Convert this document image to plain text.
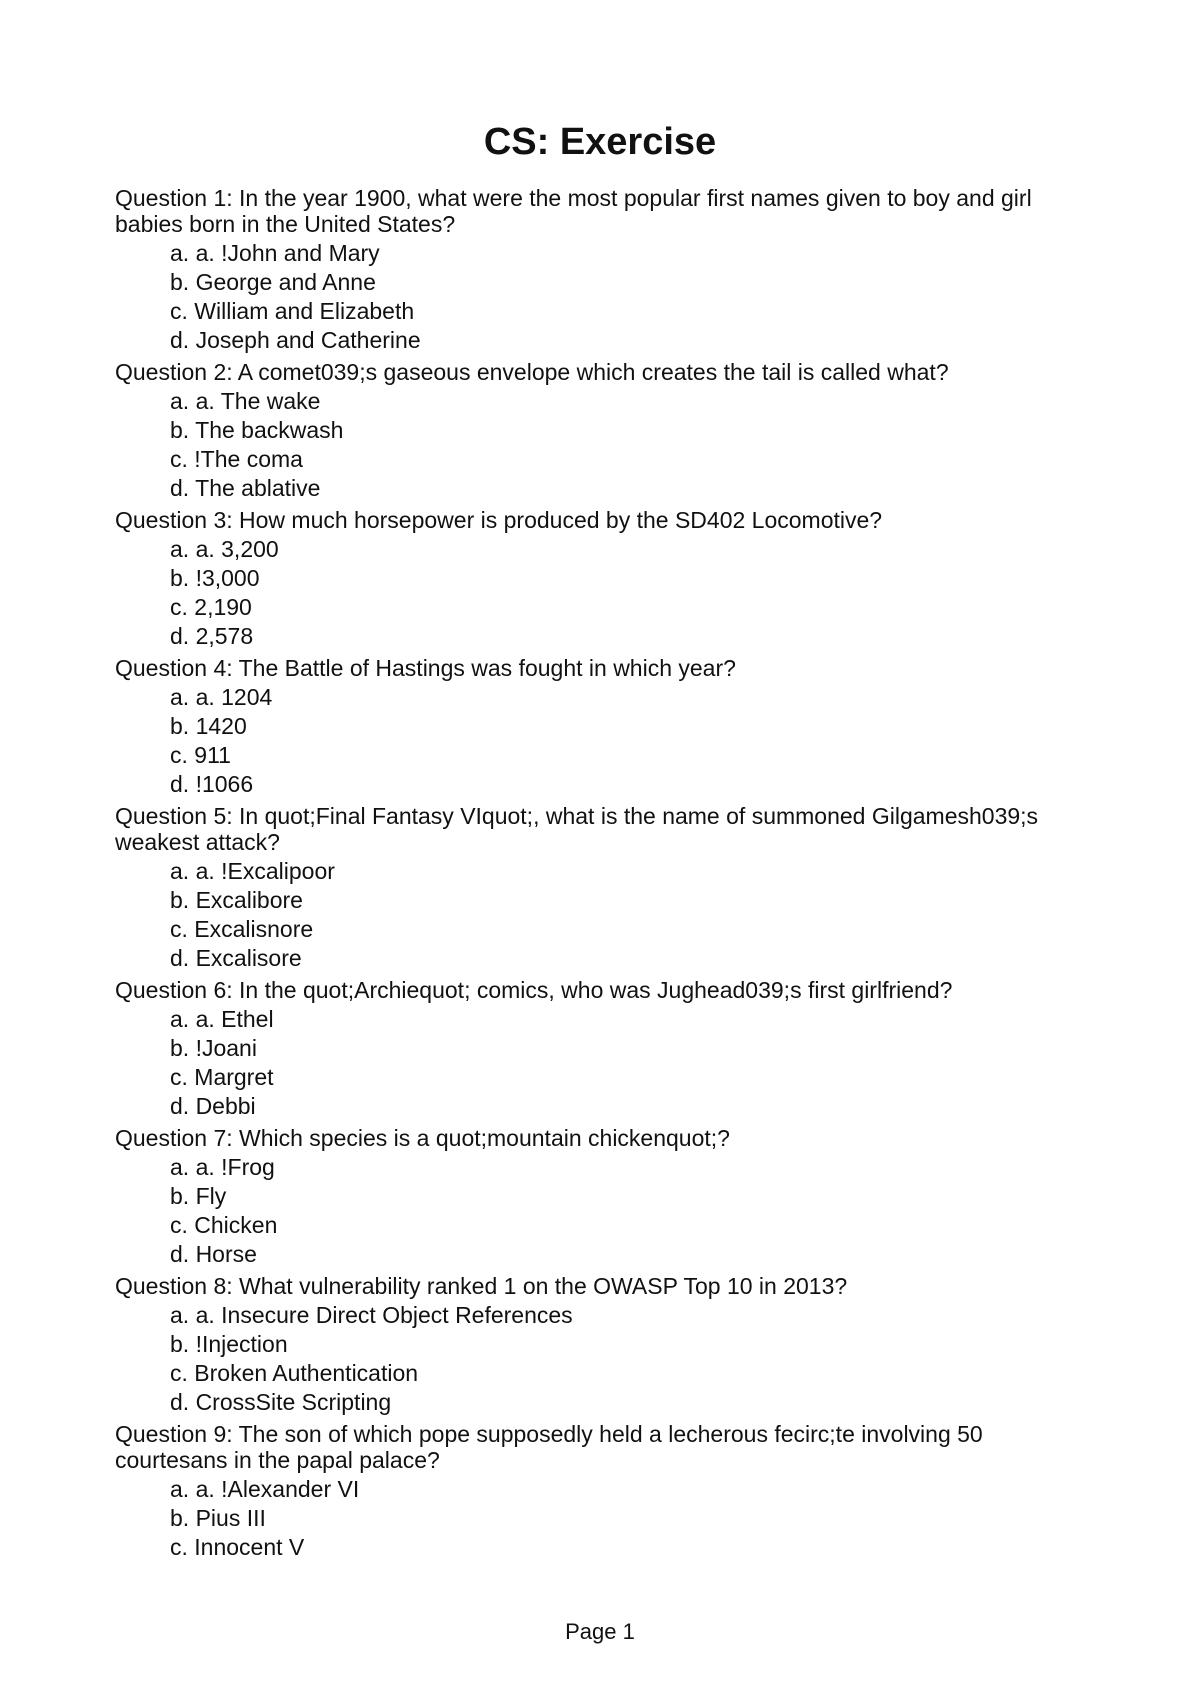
CS: Exercise

Question 1: In the year 1900, what were the most popular first names given to boy and girl babies born in the United States?

a. a. !John and Mary
b. George and Anne
c. William and Elizabeth
d. Joseph and Catherine

Question 2: A comet039;s gaseous envelope which creates the tail is called what?

a. a. The wake
b. The backwash
c. !The coma
d. The ablative

Question 3: How much horsepower is produced by the SD402 Locomotive?

a. a. 3,200
b. !3,000
c. 2,190
d. 2,578

Question 4: The Battle of Hastings was fought in which year?

a. a. 1204
b. 1420
c. 911
d. !1066

Question 5: In quot;Final Fantasy VIquot;, what is the name of summoned Gilgamesh039;s weakest attack?

a. a. !Excalipoor
b. Excalibore
c. Excalisnore
d. Excalisore

Question 6: In the quot;Archiequot; comics, who was Jughead039;s first girlfriend?

a. a. Ethel
b. !Joani
c. Margret
d. Debbi

Question 7: Which species is a quot;mountain chickenquot;?

a. a. !Frog
b. Fly
c. Chicken
d. Horse

Question 8: What vulnerability ranked 1 on the OWASP Top 10 in 2013?

a. a. Insecure Direct Object References
b. !Injection
c. Broken Authentication
d. CrossSite Scripting

Question 9: The son of which pope supposedly held a lecherous fecirc;te involving 50 courtesans in the papal palace?

a. a. !Alexander VI
b. Pius III
c. Innocent V
Page 1
